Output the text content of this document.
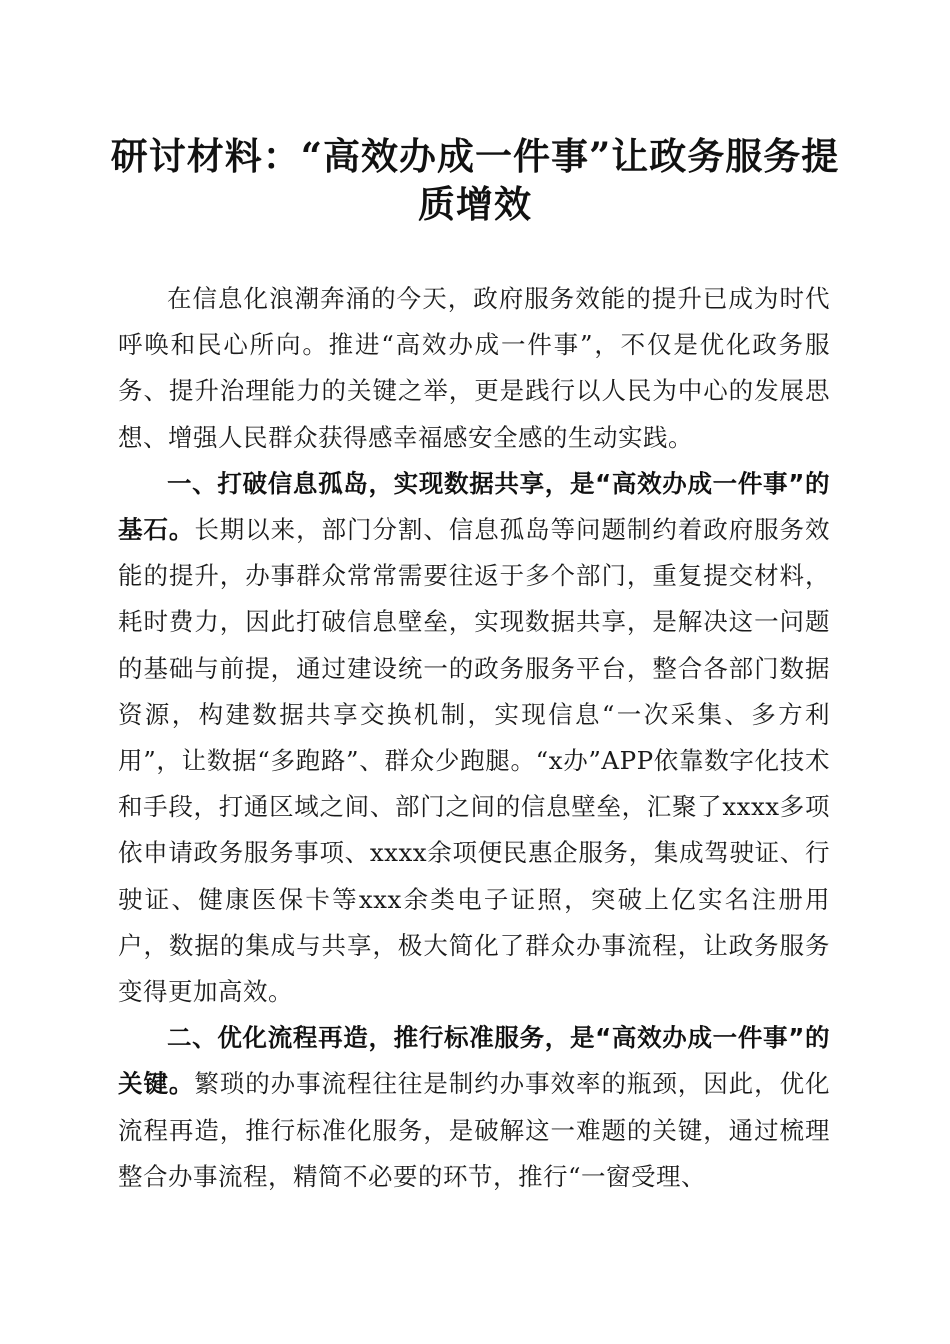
研讨材料：“高效办成一件事”让政务服务提质增效

在信息化浪潮奔涌的今天，政府服务效能的提升已成为时代呼唤和民心所向。推进“高效办成一件事”，不仅是优化政务服务、提升治理能力的关键之举，更是践行以人民为中心的发展思想、增强人民群众获得感幸福感安全感的生动实践。

一、打破信息孤岛，实现数据共享，是“高效办成一件事”的基石。长期以来，部门分割、信息孤岛等问题制约着政府服务效能的提升，办事群众常常需要往返于多个部门，重复提交材料，耗时费力，因此打破信息壁垒，实现数据共享，是解决这一问题的基础与前提，通过建设统一的政务服务平台，整合各部门数据资源，构建数据共享交换机制，实现信息“一次采集、多方利用”，让数据“多跑路”、群众少跑腿。“x办”APP依靠数字化技术和手段，打通区域之间、部门之间的信息壁垒，汇聚了xxxx多项依申请政务服务事项、xxxx余项便民惠企服务，集成驾驶证、行驶证、健康医保卡等xxx余类电子证照，突破上亿实名注册用户，数据的集成与共享，极大简化了群众办事流程，让政务服务变得更加高效。

二、优化流程再造，推行标准服务，是“高效办成一件事”的关键。繁琐的办事流程往往是制约办事效率的瓶颈，因此，优化流程再造，推行标准化服务，是破解这一难题的关键，通过梳理整合办事流程，精简不必要的环节，推行“一窗受理、
